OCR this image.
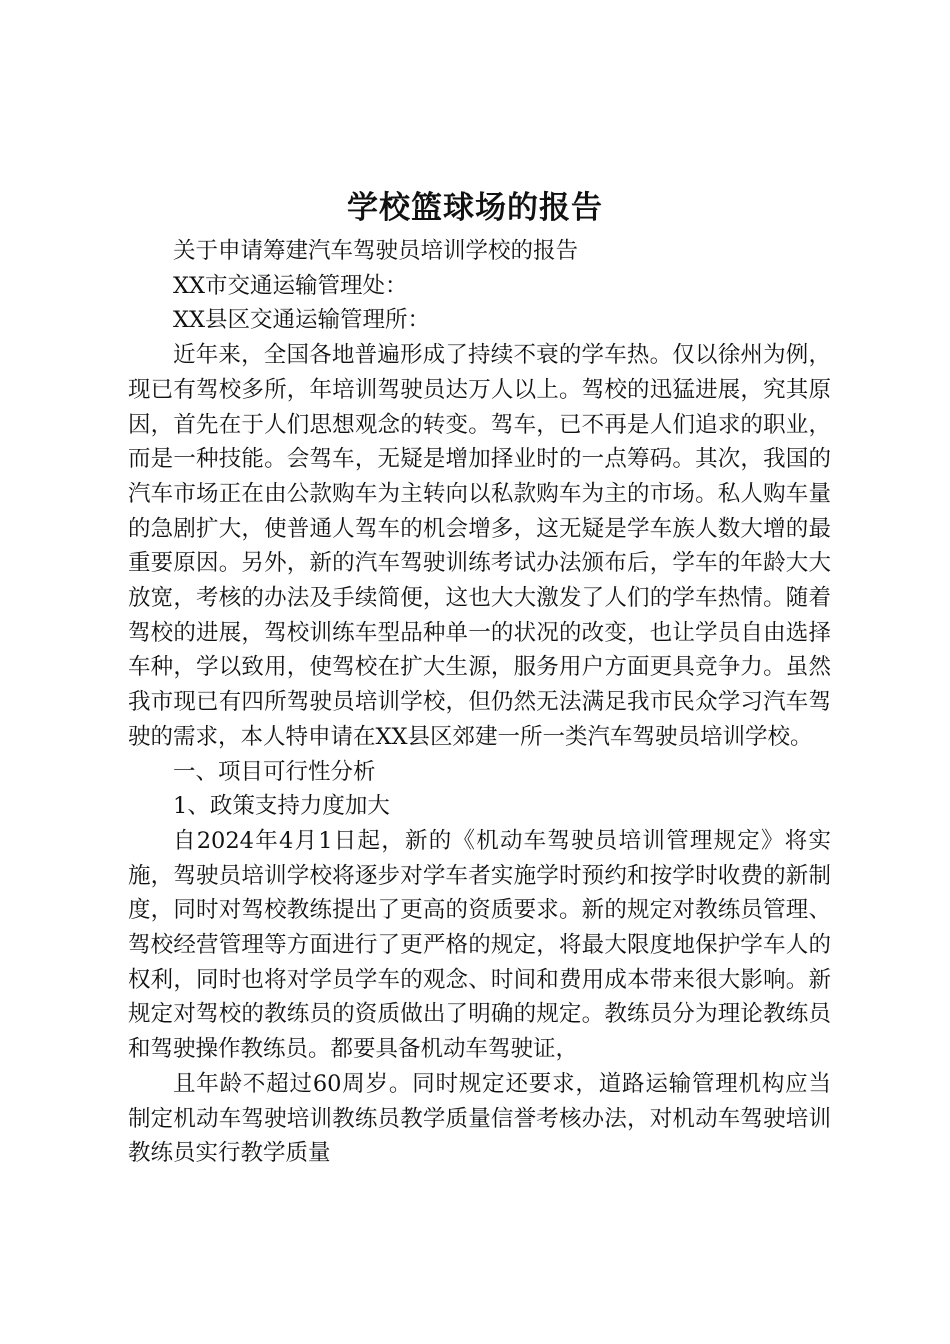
学校篮球场的报告

关于申请筹建汽车驾驶员培训学校的报告

XX市交通运输管理处：

XX县区交通运输管理所：

近年来，全国各地普遍形成了持续不衰的学车热。仅以徐州为例，现已有驾校多所，年培训驾驶员达万人以上。驾校的迅猛进展，究其原因，首先在于人们思想观念的转变。驾车，已不再是人们追求的职业，而是一种技能。会驾车，无疑是增加择业时的一点筹码。其次，我国的汽车市场正在由公款购车为主转向以私款购车为主的市场。私人购车量的急剧扩大，使普通人驾车的机会增多，这无疑是学车族人数大增的最重要原因。另外，新的汽车驾驶训练考试办法颁布后，学车的年龄大大放宽，考核的办法及手续简便，这也大大激发了人们的学车热情。随着驾校的进展，驾校训练车型品种单一的状况的改变，也让学员自由选择车种，学以致用，使驾校在扩大生源，服务用户方面更具竞争力。虽然我市现已有四所驾驶员培训学校，但仍然无法满足我市民众学习汽车驾驶的需求，本人特申请在XX县区郊建一所一类汽车驾驶员培训学校。

一、项目可行性分析

1、政策支持力度加大

自2024年4月1日起，新的《机动车驾驶员培训管理规定》将实施，驾驶员培训学校将逐步对学车者实施学时预约和按学时收费的新制度，同时对驾校教练提出了更高的资质要求。新的规定对教练员管理、驾校经营管理等方面进行了更严格的规定，将最大限度地保护学车人的权利，同时也将对学员学车的观念、时间和费用成本带来很大影响。新规定对驾校的教练员的资质做出了明确的规定。教练员分为理论教练员和驾驶操作教练员。都要具备机动车驾驶证，

且年龄不超过60周岁。同时规定还要求，道路运输管理机构应当制定机动车驾驶培训教练员教学质量信誉考核办法，对机动车驾驶培训教练员实行教学质量
